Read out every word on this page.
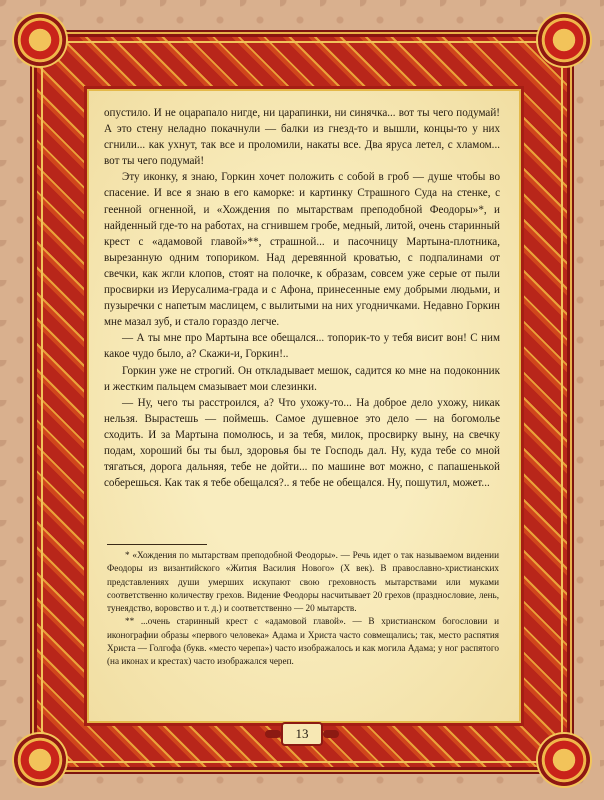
опустило. И не оцарапало нигде, ни царапинки, ни синячка... вот ты чего подумай! А это стену неладно покачнули — балки из гнезд-то и вышли, концы-то у них сгнили... как ухнут, так все и проломили, накаты все. Два яруса летел, с хламом... вот ты чего подумай!

Эту иконку, я знаю, Горкин хочет положить с собой в гроб — душе чтобы во спасение. И все я знаю в его каморке: и картинку Страшного Суда на стенке, с геенной огненной, и «Хождения по мытарствам преподобной Феодоры»*, и найденный где-то на работах, на сгнившем гробе, медный, литой, очень старинный крест с «адамовой главой»**, страшной... и пасочницу Мартына-плотника, вырезанную одним топориком. Над деревянной кроватью, с подпалинами от свечки, как жгли клопов, стоят на полочке, к образам, совсем уже серые от пыли просвирки из Иерусалима-града и с Афона, принесенные ему добрыми людьми, и пузыречки с напетым маслицем, с вылитыми на них угодничками. Недавно Горкин мне мазал зуб, и стало гораздо легче.

— А ты мне про Мартына все обещался... топорик-то у тебя висит вон! С ним какое чудо было, а? Скажи-и, Горкин!..

Горкин уже не строгий. Он откладывает мешок, садится ко мне на подоконник и жестким пальцем смазывает мои слезинки.

— Ну, чего ты расстроился, а? Что ухожу-то... На доброе дело ухожу, никак нельзя. Вырастешь — поймешь. Самое душевное это дело — на богомолье сходить. И за Мартына помолюсь, и за тебя, милок, просвирку выну, на свечку подам, хороший бы ты был, здоровья бы те Господь дал. Ну, куда тебе со мной тягаться, дорога дальняя, тебе не дойти... по машине вот можно, с папашенькой соберешься. Как так я тебе обещался?.. я тебе не обещался. Ну, пошутил, может...

* «Хождения по мытарствам преподобной Феодоры». — Речь идет о так называемом видении Феодоры из византийского «Жития Василия Нового» (X век). В православно-христианских представлениях души умерших искупают свою греховность мытарствами или муками соответственно количеству грехов. Видение Феодоры насчитывает 20 грехов (празднословие, лень, тунеядство, воровство и т. д.) и соответственно — 20 мытарств.

** ...очень старинный крест с «адамовой главой». — В христианском богословии и иконографии образы «первого человека» Адама и Христа часто совмещались; так, место распятия Христа — Голгофа (букв. «место черепа») часто изображалось и как могила Адама; у ног распятого (на иконах и крестах) часто изображался череп.

13
